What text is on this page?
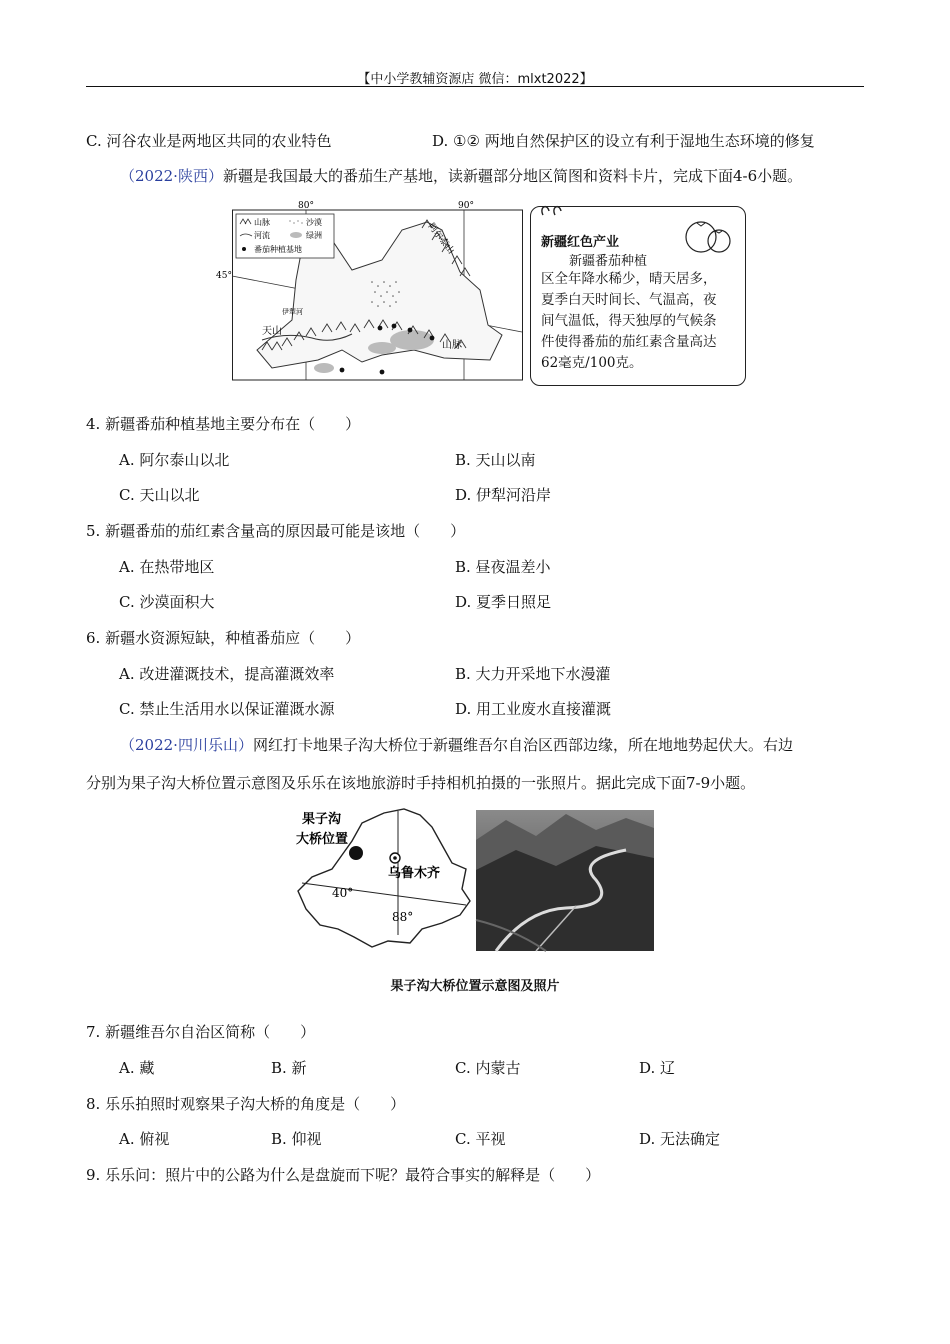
【中小学教辅资源店 微信：mlxt2022】
C. 河谷农业是两地区共同的农业特色	D. ①② 两地自然保护区的设立有利于湿地生态环境的修复
（2022·陕西）新疆是我国最大的番茄生产基地，读新疆部分地区简图和资料卡片，完成下面4-6小题。
80°	90°
45°
山脉	沙漠
河流	绿洲
番茄种植基地	阿尔泰山
天山
山脉
伊犁河
新疆红色产业
新疆番茄种植
区全年降水稀少，晴天居多，
夏季白天时间长、气温高，夜
间气温低，得天独厚的气候条
件使得番茄的茄红素含量高达
62毫克/100克。
4. 新疆番茄种植基地主要分布在（　　）
A. 阿尔泰山以北	B. 天山以南
C. 天山以北	D. 伊犁河沿岸
5. 新疆番茄的茄红素含量高的原因最可能是该地（　　）
A. 在热带地区	B. 昼夜温差小
C. 沙漠面积大	D. 夏季日照足
6. 新疆水资源短缺，种植番茄应（　　）
A. 改进灌溉技术，提高灌溉效率	B. 大力开采地下水漫灌
C. 禁止生活用水以保证灌溉水源	D. 用工业废水直接灌溉
（2022·四川乐山）网红打卡地果子沟大桥位于新疆维吾尔自治区西部边缘，所在地地势起伏大。右边
分别为果子沟大桥位置示意图及乐乐在该地旅游时手持相机拍摄的一张照片。据此完成下面7-9小题。
果子沟
大桥位置
乌鲁木齐
40°
88°
果子沟大桥位置示意图及照片
7. 新疆维吾尔自治区简称（　　）
A. 藏	B. 新	C. 内蒙古	D. 辽
8. 乐乐拍照时观察果子沟大桥的角度是（　　）
A. 俯视	B. 仰视	C. 平视	D. 无法确定
9. 乐乐问：照片中的公路为什么是盘旋而下呢？最符合事实的解释是（　　）
